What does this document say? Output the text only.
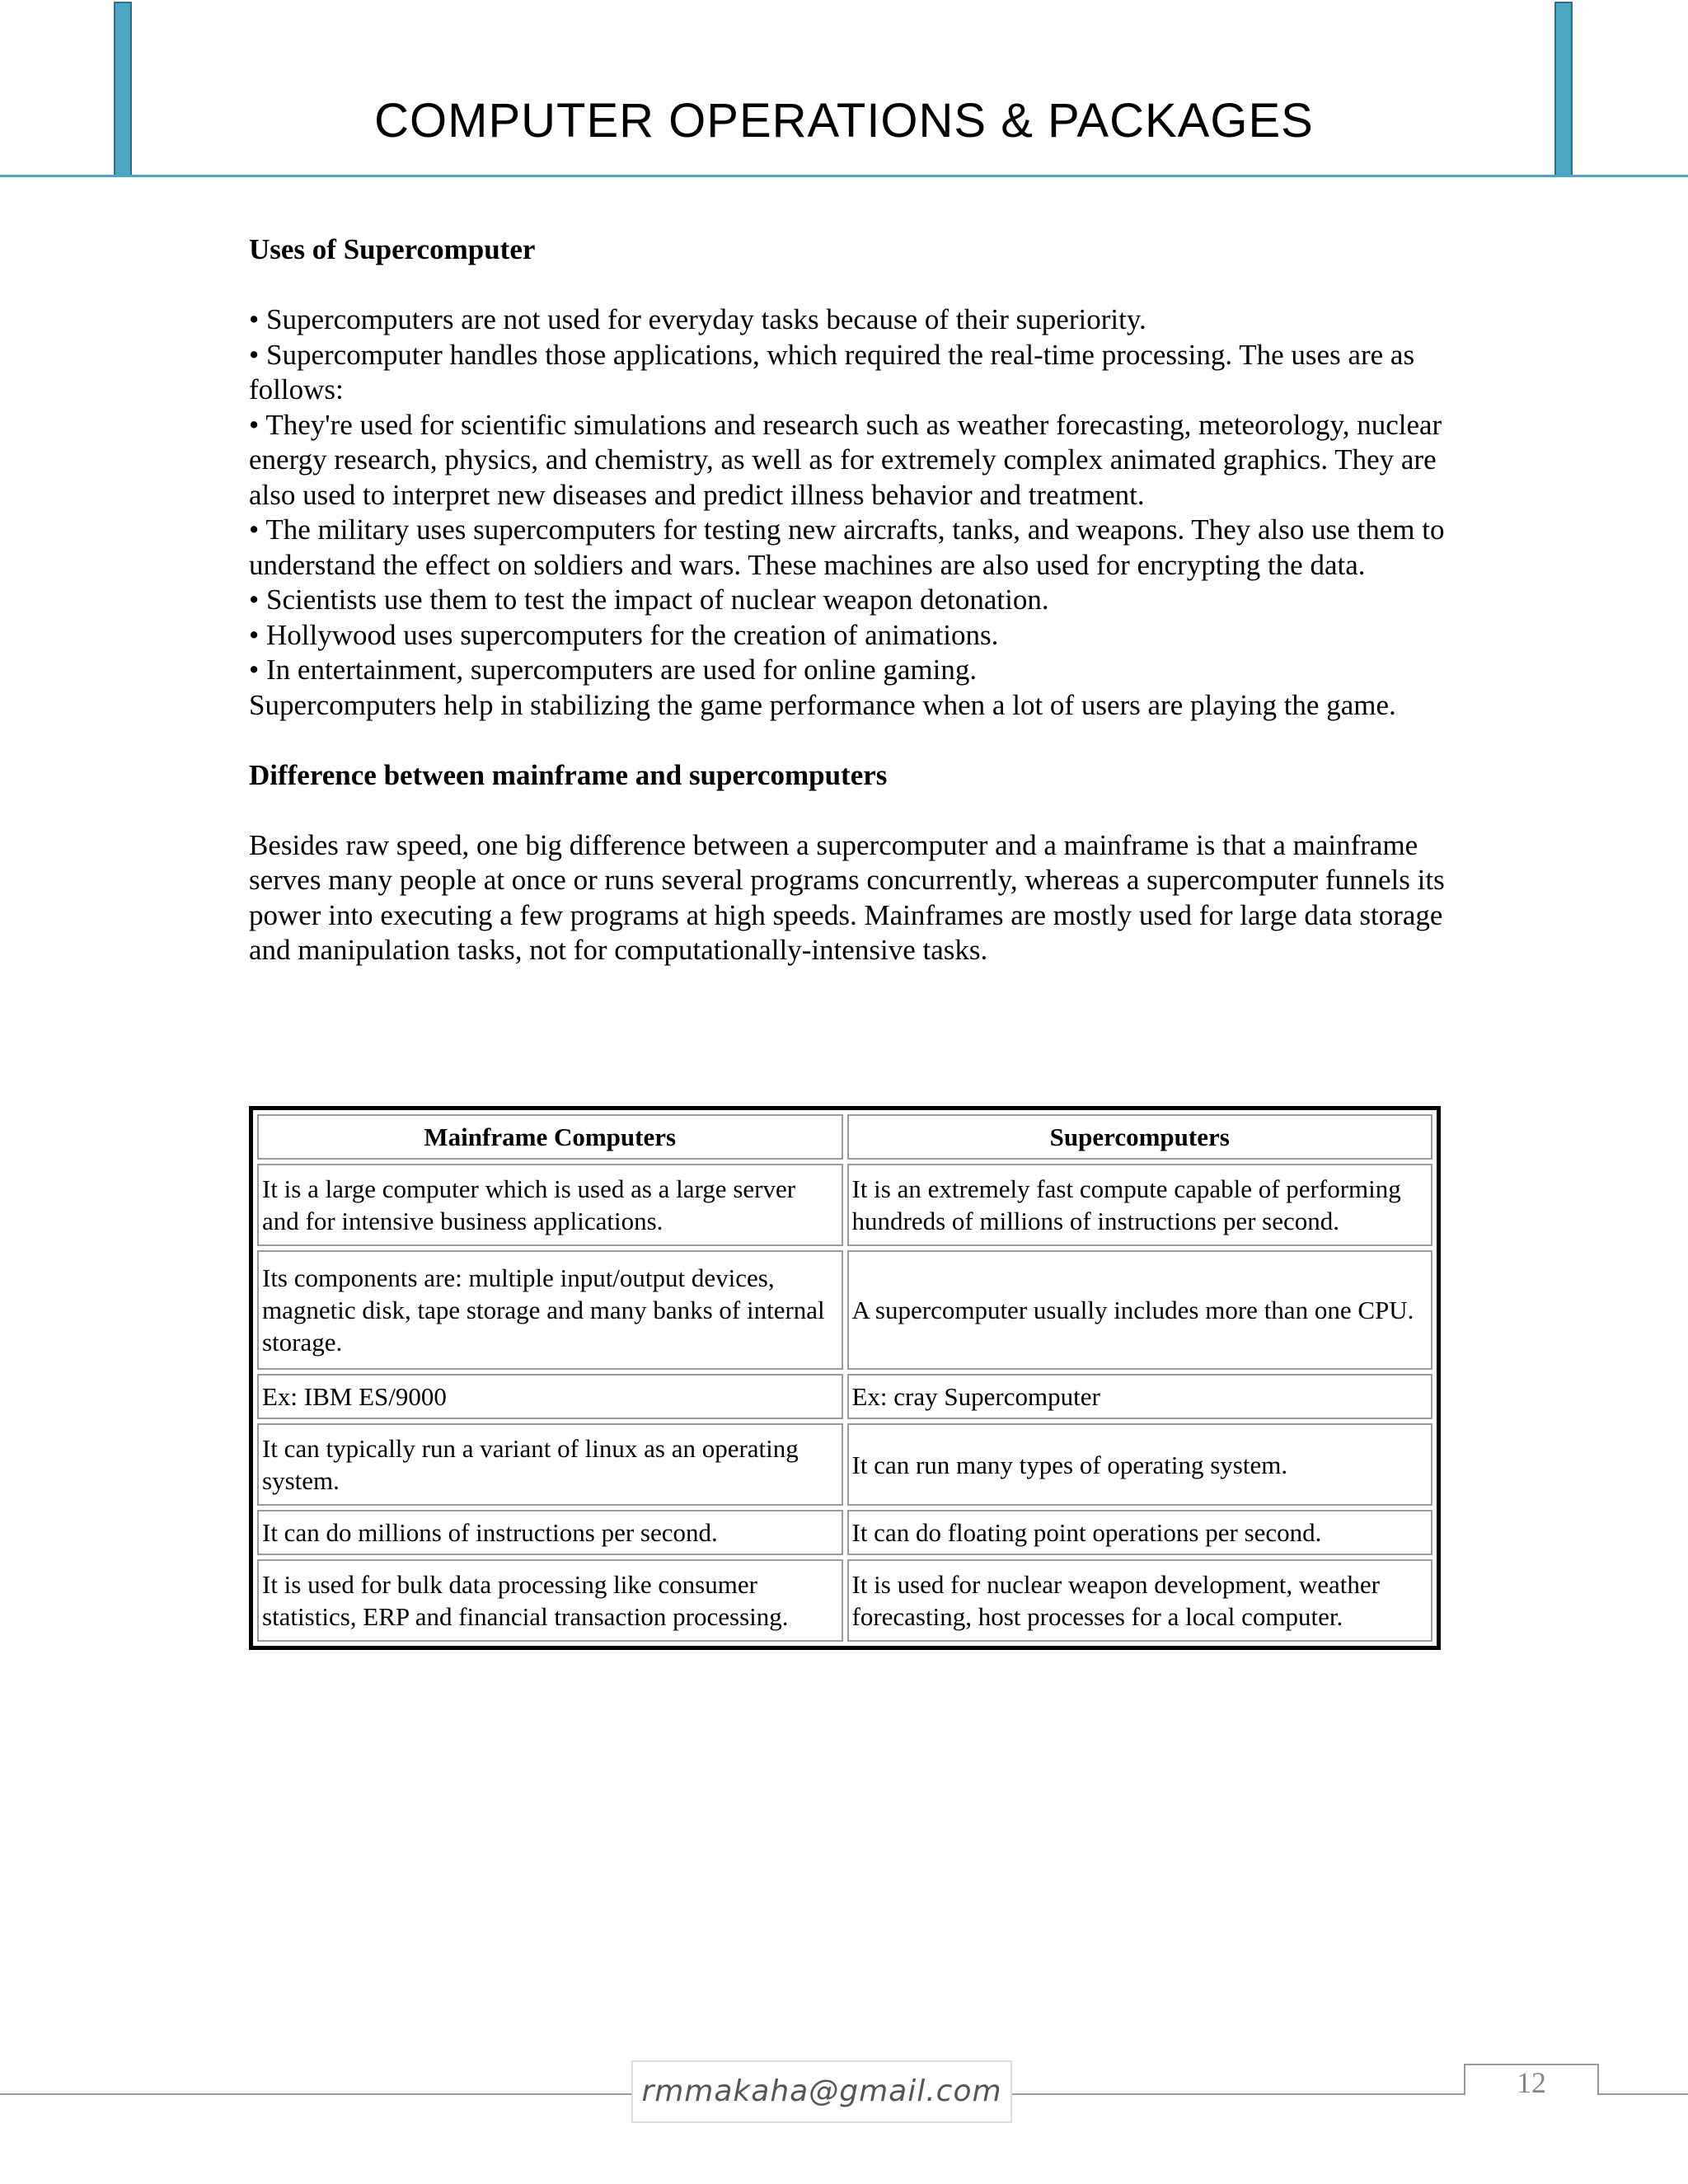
COMPUTER OPERATIONS & PACKAGES

Uses of Supercomputer

• Supercomputers are not used for everyday tasks because of their superiority.

• Supercomputer handles those applications, which required the real-time processing. The uses are as follows:

• They're used for scientific simulations and research such as weather forecasting, meteorology, nuclear energy research, physics, and chemistry, as well as for extremely complex animated graphics. They are also used to interpret new diseases and predict illness behavior and treatment.

• The military uses supercomputers for testing new aircrafts, tanks, and weapons. They also use them to understand the effect on soldiers and wars. These machines are also used for encrypting the data.

• Scientists use them to test the impact of nuclear weapon detonation.

• Hollywood uses supercomputers for the creation of animations.

• In entertainment, supercomputers are used for online gaming.

Supercomputers help in stabilizing the game performance when a lot of users are playing the game.

Difference between mainframe and supercomputers

Besides raw speed, one big difference between a supercomputer and a mainframe is that a mainframe serves many people at once or runs several programs concurrently, whereas a supercomputer funnels its power into executing a few programs at high speeds. Mainframes are mostly used for large data storage and manipulation tasks, not for computationally-intensive tasks.

Mainframe Computers	Supercomputers
It is a large computer which is used as a large server and for intensive business applications.	It is an extremely fast compute capable of performing hundreds of millions of instructions per second.
Its components are: multiple input/output devices, magnetic disk, tape storage and many banks of internal storage.	A supercomputer usually includes more than one CPU.
Ex: IBM ES/9000	Ex: cray Supercomputer
It can typically run a variant of linux as an operating system.	It can run many types of operating system.
It can do millions of instructions per second.	It can do floating point operations per second.
It is used for bulk data processing like consumer statistics, ERP and financial transaction processing.	It is used for nuclear weapon development, weather forecasting, host processes for a local computer.
rmmakaha@gmail.com	12
